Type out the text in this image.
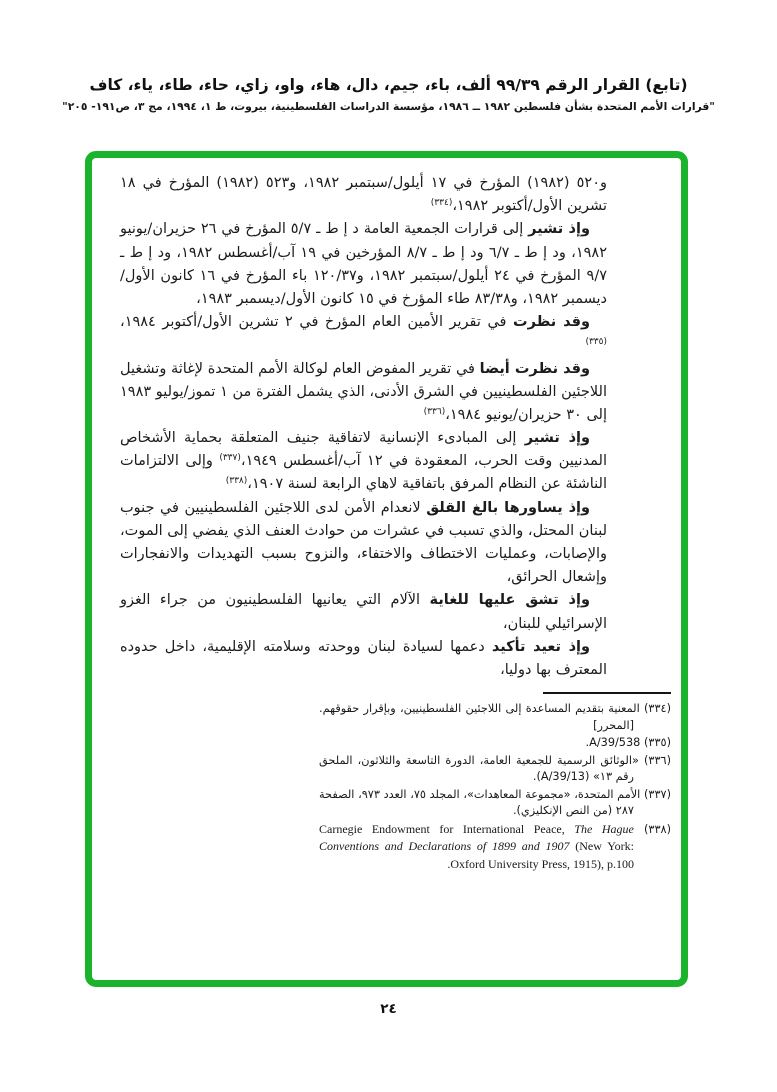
(تابع) القرار الرقم ٩٩/٣٩ ألف، باء، جيم، دال، هاء، واو، زاي، حاء، طاء، ياء، كاف
"قرارات الأمم المتحدة بشأن فلسطين ١٩٨٢ ــ ١٩٨٦، مؤسسة الدراسات الفلسطينية، بيروت، ط ١، ١٩٩٤، مج ٣، ص١٩١- ٢٠٥"

و٥٢٠ (١٩٨٢) المؤرخ في ١٧ أيلول/سبتمبر ١٩٨٢، و٥٢٣ (١٩٨٢) المؤرخ في ١٨ تشرين الأول/أكتوبر ١٩٨٢،$^{(٣٣٤)}$

وإذ تشير إلى قرارات الجمعية العامة د إ ط ـ ٥/٧ المؤرخ في ٢٦ حزيران/يونيو ١٩٨٢، ود إ ط ـ ٦/٧ ود إ ط ـ ٨/٧ المؤرخين في ١٩ آب/أغسطس ١٩٨٢، ود إ ط ـ ٩/٧ المؤرخ في ٢٤ أيلول/سبتمبر ١٩٨٢، و١٢٠/٣٧ باء المؤرخ في ١٦ كانون الأول/ديسمبر ١٩٨٢، و٨٣/٣٨ طاء المؤرخ في ١٥ كانون الأول/ديسمبر ١٩٨٣،

وقد نظرت في تقرير الأمين العام المؤرخ في ٢ تشرين الأول/أكتوبر ١٩٨٤،$^{(٣٣٥)}$

وقد نظرت أيضا في تقرير المفوض العام لوكالة الأمم المتحدة لإغاثة وتشغيل اللاجئين الفلسطينيين في الشرق الأدنى، الذي يشمل الفترة من ١ تموز/يوليو ١٩٨٣ إلى ٣٠ حزيران/يونيو ١٩٨٤،$^{(٣٣٦)}$

وإذ تشير إلى المبادىء الإنسانية لاتفاقية جنيف المتعلقة بحماية الأشخاص المدنيين وقت الحرب، المعقودة في ١٢ آب/أغسطس ١٩٤٩،$^{(٣٣٧)}$ وإلى الالتزامات الناشئة عن النظام المرفق باتفاقية لاهاي الرابعة لسنة ١٩٠٧،$^{(٣٣٨)}$

وإذ يساورها بالغ القلق لانعدام الأمن لدى اللاجئين الفلسطينيين في جنوب لبنان المحتل، والذي تسبب في عشرات من حوادث العنف الذي يفضي إلى الموت، والإصابات، وعمليات الاختطاف والاختفاء، والنزوح بسبب التهديدات والانفجارات وإشعال الحرائق،

وإذ تشق عليها للغاية الآلام التي يعانيها الفلسطينيون من جراء الغزو الإسرائيلي للبنان،

وإذ تعيد تأكيد دعمها لسيادة لبنان ووحدته وسلامته الإقليمية، داخل حدوده المعترف بها دوليا،

(٣٣٤) المعنية بتقديم المساعدة إلى اللاجئين الفلسطينيين، وبإقرار حقوقهم. [المحرر]
(٣٣٥) A/39/538.
(٣٣٦) «الوثائق الرسمية للجمعية العامة، الدورة التاسعة والثلاثون، الملحق رقم ١٣» (A/39/13).
(٣٣٧) الأمم المتحدة، «مجموعة المعاهدات»، المجلد ٧٥، العدد ٩٧٣، الصفحة ٢٨٧ (من النص الإنكليزي).
(٣٣٨) Carnegie Endowment for International Peace, The Hague Conventions and Declarations of 1899 and 1907 (New York: Oxford University Press, 1915), p.100.
٢٤
